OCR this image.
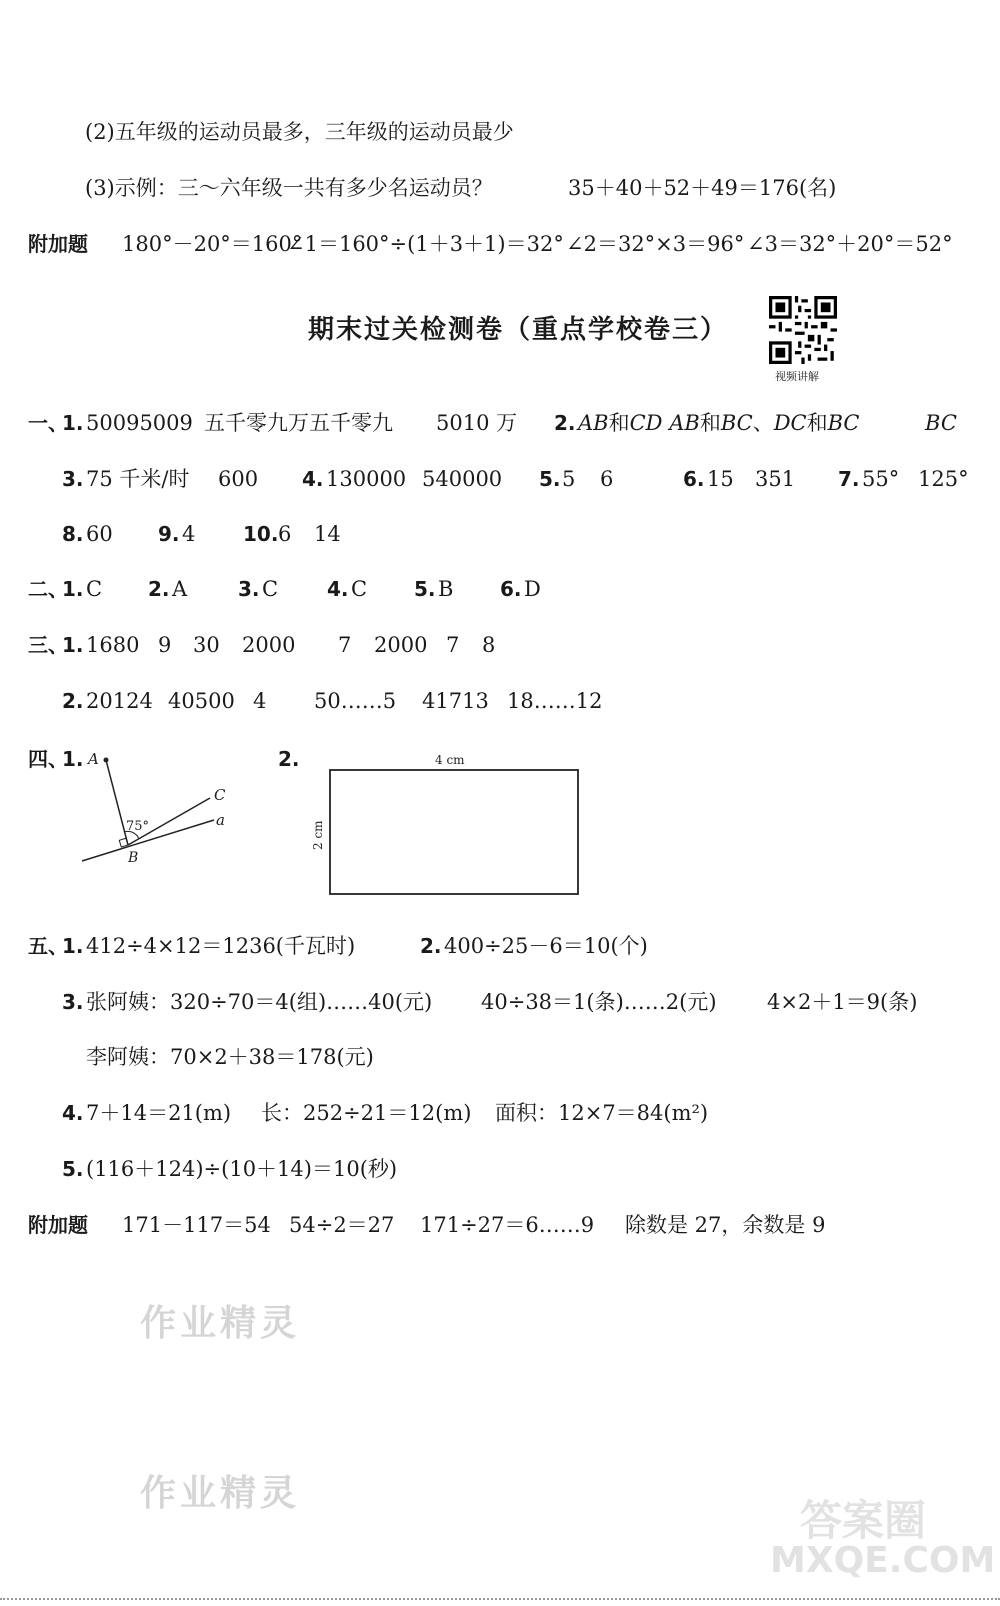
(2)五年级的运动员最多，三年级的运动员最少
(3)示例：三～六年级一共有多少名运动员？	35＋40＋52＋49＝176(名)
附加题 180°－20°＝160°
∠1＝160°÷(1＋3＋1)＝32° ∠2＝32°×3＝96° ∠3＝32°＋20°＝52°
期末过关检测卷（重点学校卷三）
视频讲解
一、
1. 50095009 五千零九万五千零九 5010 万 2. AB和CD AB和BC、DC和BC	BC
3. 75 千米/时 600 4. 130000 540000 5. 5 6	6. 15 351 7. 55° 125°
8. 60 9. 4 10. 6 14
二、
1. C 2. A	3. C 4. C 5. B 6. D
三、
1. 1680 9 30 2000 7 2000 7 8
2. 20124 40500 4 50……5 41713 18……12
四、
1.	2.
A
C
a
B
75°
4 cm
2 cm
五、
1. 412÷4×12＝1236(千瓦时)	2. 400÷25－6＝10(个)
3. 张阿姨：320÷70＝4(组)……40(元) 40÷38＝1(条)……2(元) 4×2＋1＝9(条)
李阿姨：70×2＋38＝178(元)
4. 7＋14＝21(m) 长：252÷21＝12(m) 面积：12×7＝84(m²)
5. (116＋124)÷(10＋14)＝10(秒)
附加题 171－117＝54 54÷2＝27 171÷27＝6……9 除数是 27，余数是 9
作业精灵
作业精灵
答案圈
MXQE.COM
